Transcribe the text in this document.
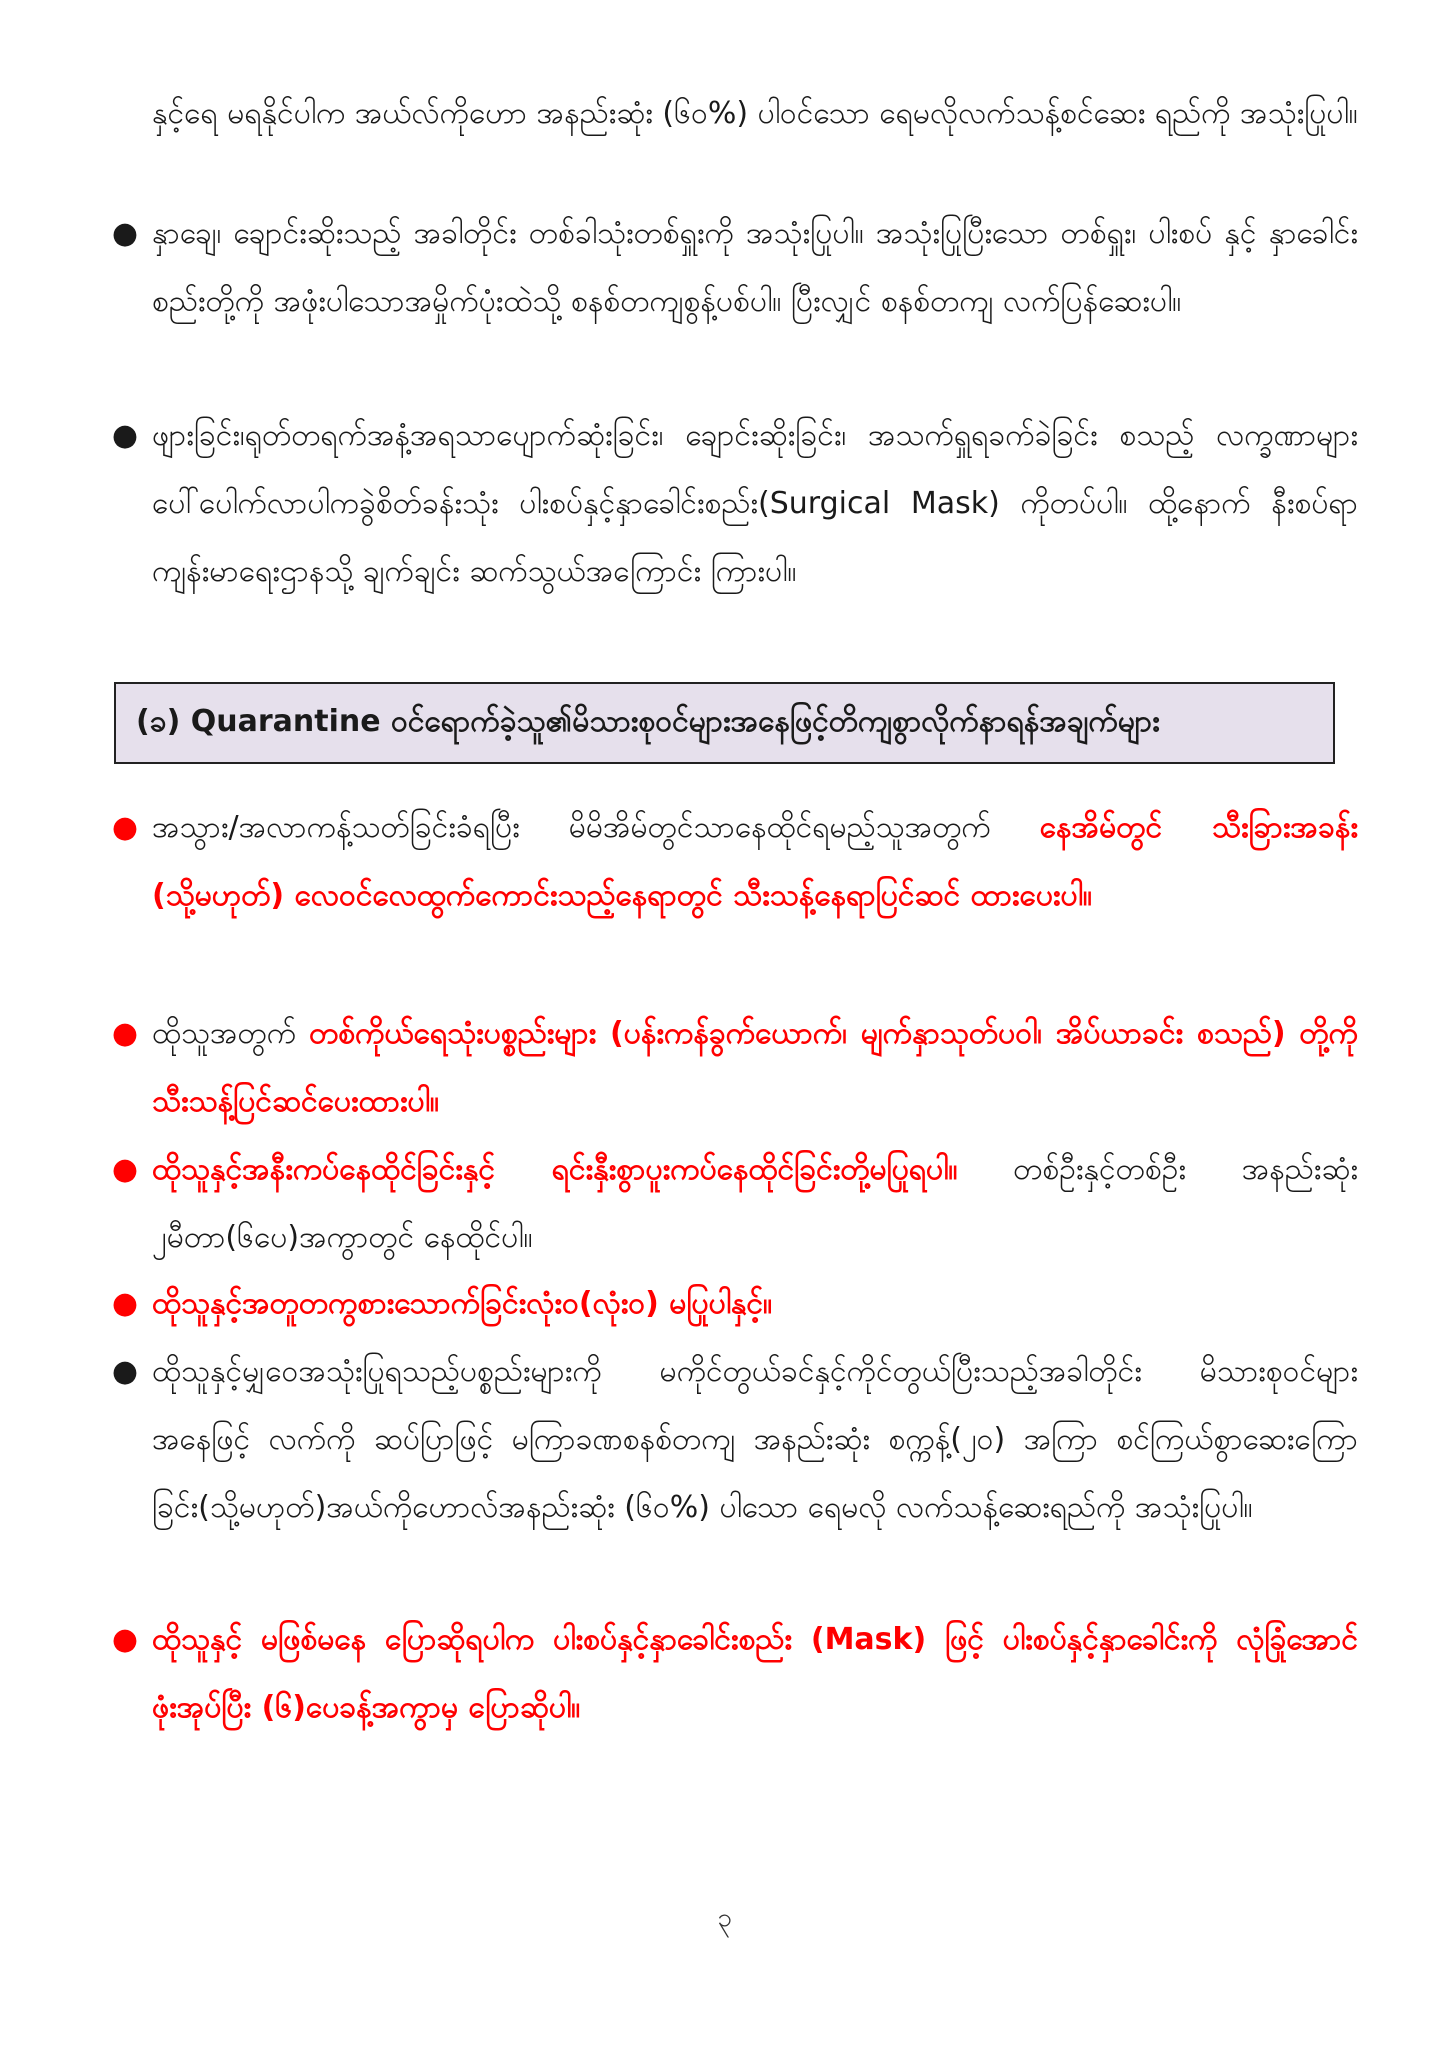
နှင့်ရေ မရနိုင်ပါက အယ်လ်ကိုဟော အနည်းဆုံး (၆၀%) ပါဝင်သော ရေမလိုလက်သန့်စင်ဆေး ရည်ကို အသုံးပြုပါ။
● နှာချေ၊ ချောင်းဆိုးသည့် အခါတိုင်း တစ်ခါသုံးတစ်ရှူးကို အသုံးပြုပါ။ အသုံးပြုပြီးသော တစ်ရှူး၊ ပါးစပ် နှင့် နှာခေါင်းစည်းတို့ကို အဖုံးပါသောအမှိုက်ပုံးထဲသို့ စနစ်တကျစွန့်ပစ်ပါ။ ပြီးလျှင် စနစ်တကျ လက်ပြန်ဆေးပါ။
● ဖျားခြင်း၊ရုတ်တရက်အနံ့အရသာပျောက်ဆုံးခြင်း၊ ချောင်းဆိုးခြင်း၊ အသက်ရှူရခက်ခဲခြင်း စသည့် လက္ခဏာများပေါ်ပေါက်လာပါကခွဲစိတ်ခန်းသုံး ပါးစပ်နှင့်နှာခေါင်းစည်း(Surgical Mask) ကိုတပ်ပါ။ ထို့နောက် နီးစပ်ရာကျန်းမာရေးဌာနသို့ ချက်ချင်း ဆက်သွယ်အကြောင်း ကြားပါ။
(ခ) Quarantine ဝင်ရောက်ခဲ့သူ၏မိသားစုဝင်များအနေဖြင့်တိကျစွာလိုက်နာရန်အချက်များ
● အသွား/အလာကန့်သတ်ခြင်းခံရပြီး မိမိအိမ်တွင်သာနေထိုင်ရမည့်သူအတွက် နေအိမ်တွင် သီးခြားအခန်း (သို့မဟုတ်) လေဝင်လေထွက်ကောင်းသည့်နေရာတွင် သီးသန့်နေရာပြင်ဆင် ထားပေးပါ။
● ထိုသူအတွက် တစ်ကိုယ်ရေသုံးပစ္စည်းများ (ပန်းကန်ခွက်ယောက်၊ မျက်နှာသုတ်ပဝါ၊ အိပ်ယာခင်း စသည်) တို့ကို သီးသန့်ပြင်ဆင်ပေးထားပါ။
● ထိုသူနှင့်အနီးကပ်နေထိုင်ခြင်းနှင့် ရင်းနှီးစွာပူးကပ်နေထိုင်ခြင်းတို့မပြုရပါ။ တစ်ဦးနှင့်တစ်ဦး အနည်းဆုံး ၂မီတာ(၆ပေ)အကွာတွင် နေထိုင်ပါ။
● ထိုသူနှင့်အတူတကွစားသောက်ခြင်းလုံးဝ(လုံးဝ) မပြုပါနှင့်။
● ထိုသူနှင့်မျှဝေအသုံးပြုရသည့်ပစ္စည်းများကို မကိုင်တွယ်ခင်နှင့်ကိုင်တွယ်ပြီးသည့်အခါတိုင်း မိသားစုဝင်များအနေဖြင့် လက်ကို ဆပ်ပြာဖြင့် မကြာခဏစနစ်တကျ အနည်းဆုံး စက္ကန့်(၂၀) အကြာ စင်ကြယ်စွာဆေးကြောခြင်း(သို့မဟုတ်)အယ်ကိုဟောလ်အနည်းဆုံး (၆၀%) ပါသော ရေမလို လက်သန့်ဆေးရည်ကို အသုံးပြုပါ။
● ထိုသူနှင့် မဖြစ်မနေ ပြောဆိုရပါက ပါးစပ်နှင့်နှာခေါင်းစည်း (Mask) ဖြင့် ပါးစပ်နှင့်နှာခေါင်းကို လုံခြုံအောင်ဖုံးအုပ်ပြီး (၆)ပေခန့်အကွာမှ ပြောဆိုပါ။
၃
